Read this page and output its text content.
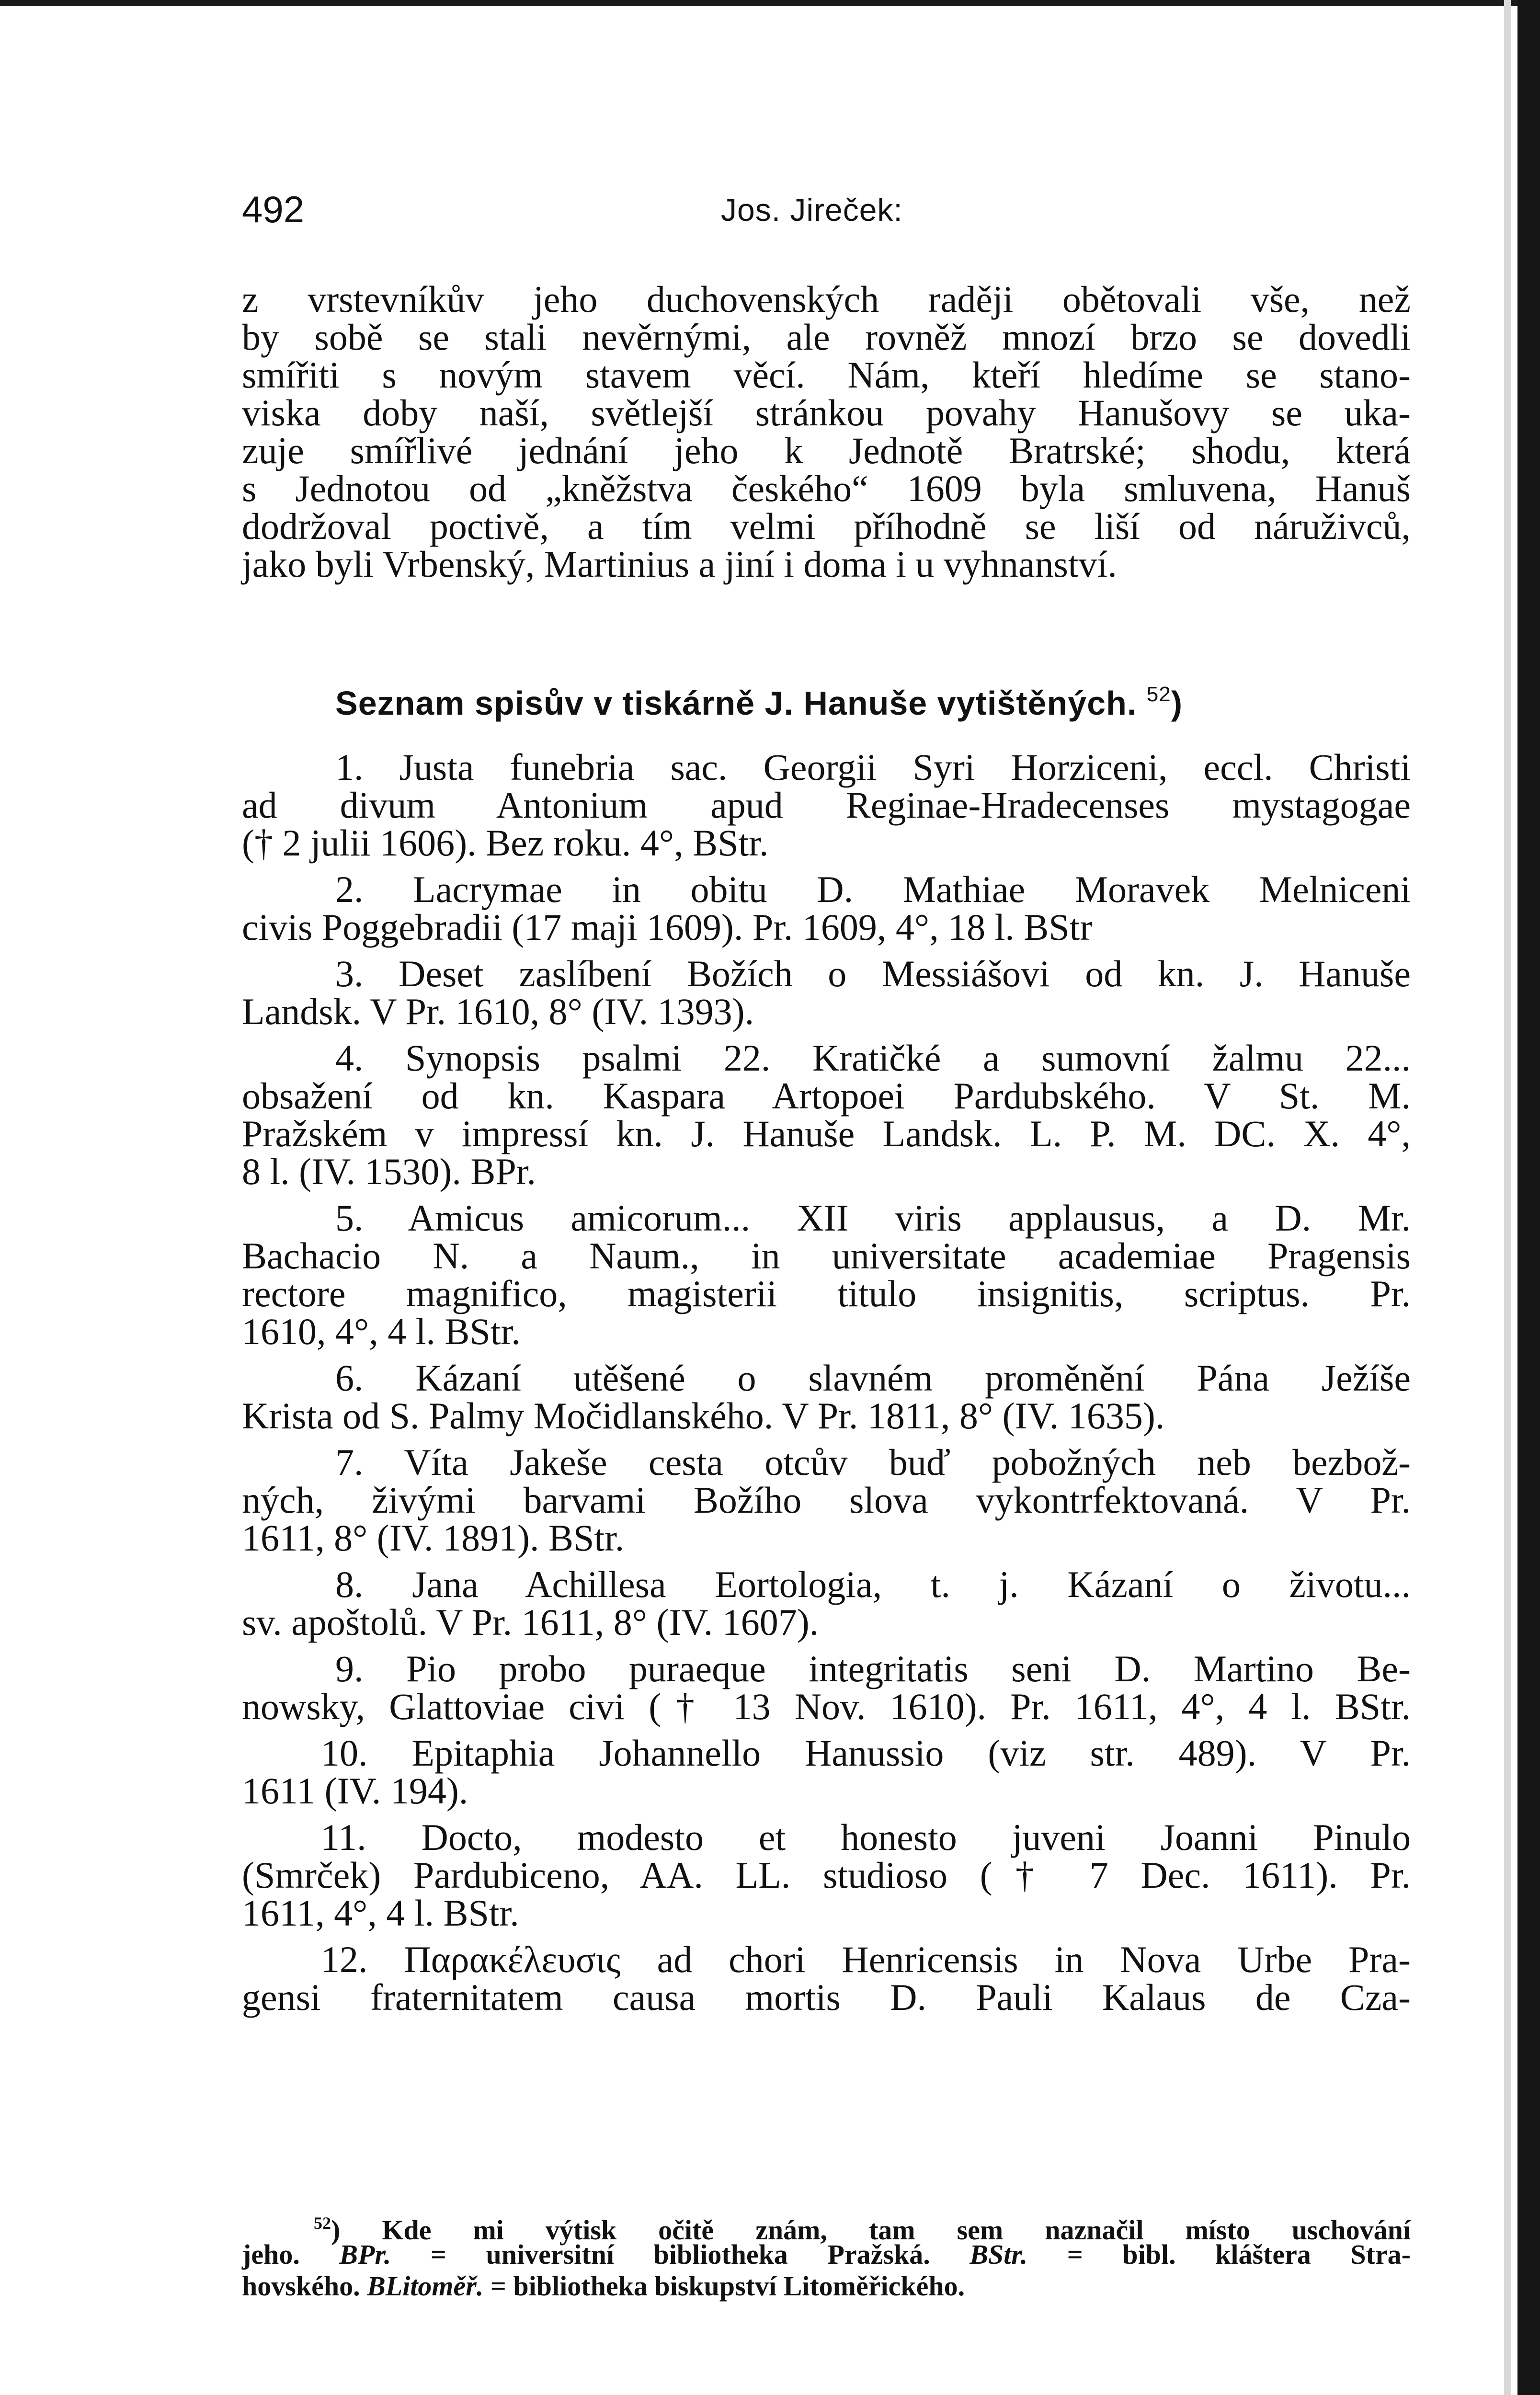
492	Jos. Jireček:
z vrstevníkův jeho duchovenských raději obětovali vše, než
by sobě se stali nevěrnými, ale rovněž mnozí brzo se dovedli
smířiti s novým stavem věcí. Nám, kteří hledíme se stano-
viska doby naší, světlejší stránkou povahy Hanušovy se uka-
zuje smířlivé jednání jeho k Jednotě Bratrské; shodu, která
s Jednotou od „kněžstva českého“ 1609 byla smluvena, Hanuš
dodržoval poctivě, a tím velmi příhodně se liší od náruživců,
jako byli Vrbenský, Martinius a jiní i doma i u vyhnanství.
Seznam spisův v tiskárně J. Hanuše vytištěných. $^{52}$)
1. Justa funebria sac. Georgii Syri Horziceni, eccl. Christi
ad divum Antonium apud Reginae-Hradecenses mystagogae
(† 2 julii 1606). Bez roku. 4°, BStr.
2. Lacrymae in obitu D. Mathiae Moravek Melniceni
civis Poggebradii (17 maji 1609). Pr. 1609, 4°, 18 l. BStr
3. Deset zaslíbení Božích o Messiášovi od kn. J. Hanuše
Landsk. V Pr. 1610, 8° (IV. 1393).
4. Synopsis psalmi 22. Kratičké a sumovní žalmu 22...
obsažení od kn. Kaspara Artopoei Pardubského. V St. M.
Pražském v impressí kn. J. Hanuše Landsk. L. P. M. DC. X. 4°,
8 l. (IV. 1530). BPr.
5. Amicus amicorum... XII viris applausus, a D. Mr.
Bachacio N. a Naum., in universitate academiae Pragensis
rectore magnifico, magisterii titulo insignitis, scriptus. Pr.
1610, 4°, 4 l. BStr.
6. Kázaní utěšené o slavném proměnění Pána Ježíše
Krista od S. Palmy Močidlanského. V Pr. 1811, 8° (IV. 1635).
7. Víta Jakeše cesta otcův buď pobožných neb bezbož-
ných, živými barvami Božího slova vykontrfektovaná. V Pr.
1611, 8° (IV. 1891). BStr.
8. Jana Achillesa Eortologia, t. j. Kázaní o životu...
sv. apoštolů. V Pr. 1611, 8° (IV. 1607).
9. Pio probo puraeque integritatis seni D. Martino Be-
nowsky, Glattoviae civi († 13 Nov. 1610). Pr. 1611, 4°, 4 l. BStr.
10. Epitaphia Johannello Hanussio (viz str. 489). V Pr.
1611 (IV. 194).
11. Docto, modesto et honesto juveni Joanni Pinulo
(Smrček) Pardubiceno, AA. LL. studioso († 7 Dec. 1611). Pr.
1611, 4°, 4 l. BStr.
12. Παρακέλευσις ad chori Henricensis in Nova Urbe Pra-
gensi fraternitatem causa mortis D. Pauli Kalaus de Cza-
$^{52}$) Kde mi výtisk očitě znám, tam sem naznačil místo uschování
jeho. BPr. = universitní bibliotheka Pražská. BStr. = bibl. kláštera Stra-
hovského. BLitoměř. = bibliotheka biskupství Litoměřického.
